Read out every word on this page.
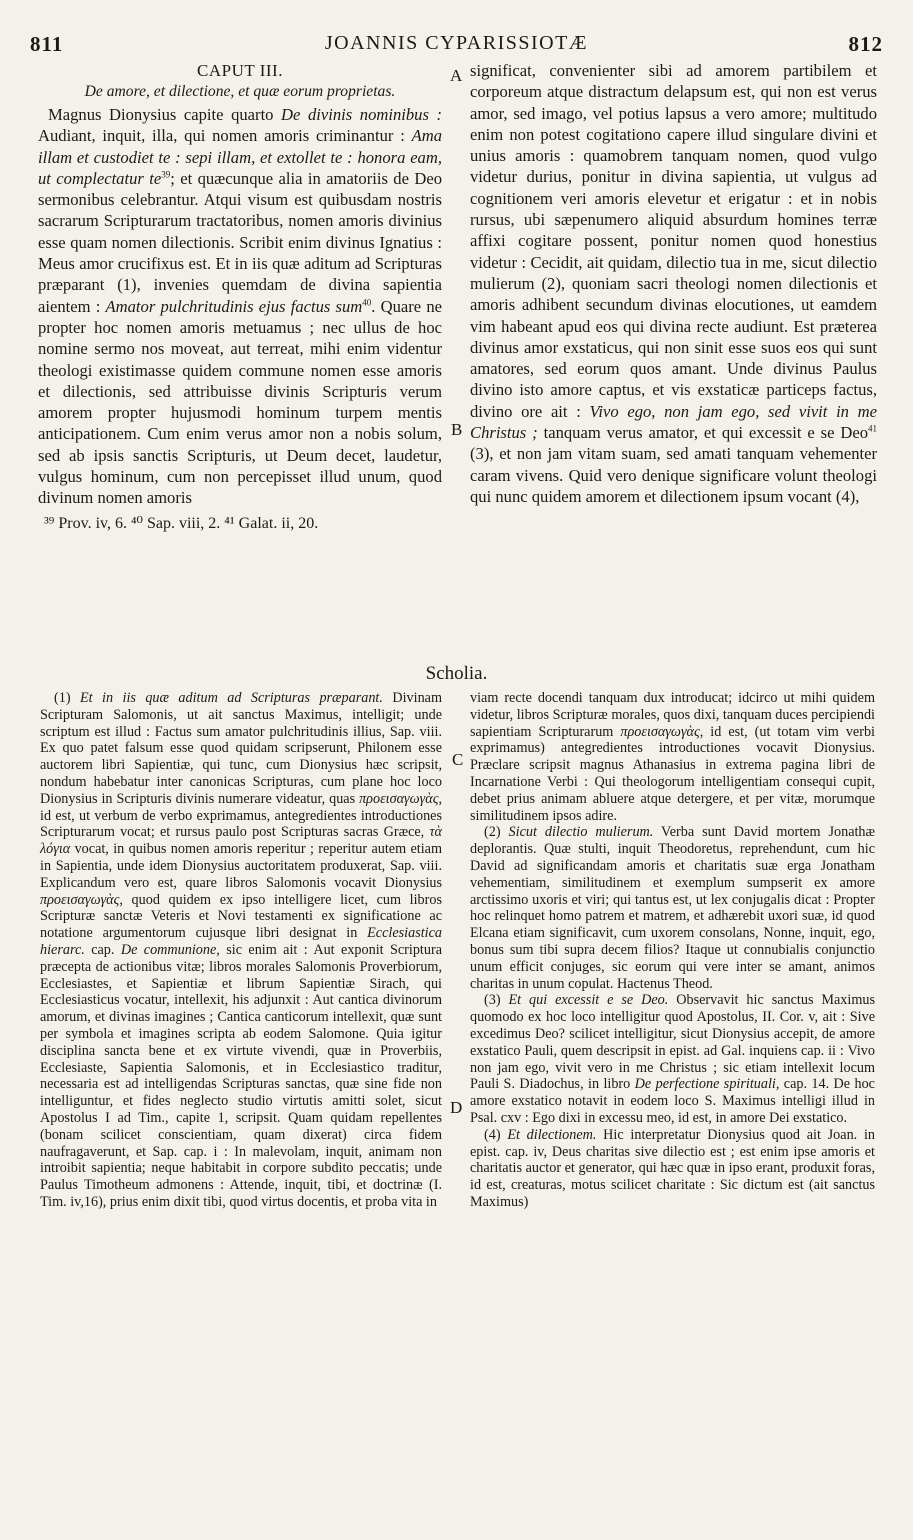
811	JOANNIS CYPARISSIOTÆ	812
A
B
C
D

CAPUT III.

De amore, et dilectione, et quæ eorum proprietas.

Magnus Dionysius capite quarto De divinis nominibus : Audiant, inquit, illa, qui nomen amoris criminantur : Ama illam et custodiet te : sepi illam, et extollet te : honora eam, ut complectatur $te^{39}$; et quæcunque alia in amatoriis de Deo sermonibus celebrantur. Atqui visum est quibusdam nostris sacrarum Scripturarum tractatoribus, nomen amoris divinius esse quam nomen dilectionis. Scribit enim divinus Ignatius : Meus amor crucifixus est. Et in iis quæ aditum ad Scripturas præparant (1), invenies quemdam de divina sapientia aientem : Amator pulchritudinis ejus factus sum$^{40}$. Quare ne propter hoc nomen amoris metuamus ; nec ullus de hoc nomine sermo nos moveat, aut terreat, mihi enim videntur theologi existimasse quidem commune nomen esse amoris et dilectionis, sed attribuisse divinis Scripturis verum amorem propter hujusmodi hominum turpem mentis anticipationem. Cum enim verus amor non a nobis solum, sed ab ipsis sanctis Scripturis, ut Deum decet, laudetur, vulgus hominum, cum non percepisset illud unum, quod divinum nomen amoris

³⁹ Prov. iv, 6. ⁴⁰ Sap. viii, 2. ⁴¹ Galat. ii, 20.

significat, convenienter sibi ad amorem partibilem et corporeum atque distractum delapsum est, qui non est verus amor, sed imago, vel potius lapsus a vero amore; multitudo enim non potest cogitationo capere illud singulare divini et unius amoris : quamobrem tanquam nomen, quod vulgo videtur durius, ponitur in divina sapientia, ut vulgus ad cognitionem veri amoris elevetur et erigatur : et in nobis rursus, ubi sæpenumero aliquid absurdum homines terræ affixi cogitare possent, ponitur nomen quod honestius videtur : Cecidit, ait quidam, dilectio tua in me, sicut dilectio mulierum (2), quoniam sacri theologi nomen dilectionis et amoris adhibent secundum divinas elocutiones, ut eamdem vim habeant apud eos qui divina recte audiunt. Est præterea divinus amor exstaticus, qui non sinit esse suos eos qui sunt amatores, sed eorum quos amant. Unde divinus Paulus divino isto amore captus, et vis exstaticæ particeps factus, divino ore ait : Vivo ego, non jam ego, sed vivit in me Christus ; tanquam verus amator, et qui excessit e se Deo$^{41}$ (3), et non jam vitam suam, sed amati tanquam vehementer caram vivens. Quid vero denique significare volunt theologi qui nunc quidem amorem et dilectionem ipsum vocant (4),

Scholia.

(1) Et in iis quæ aditum ad Scripturas præparant. Divinam Scripturam Salomonis, ut ait sanctus Maximus, intelligit; unde scriptum est illud : Factus sum amator pulchritudinis illius, Sap. viii. Ex quo patet falsum esse quod quidam scripserunt, Philonem esse auctorem libri Sapientiæ, qui tunc, cum Dionysius hæc scripsit, nondum habebatur inter canonicas Scripturas, cum plane hoc loco Dionysius in Scripturis divinis numerare videatur, quas προεισαγωγὰς, id est, ut verbum de verbo exprimamus, antegredientes introductiones Scripturarum vocat; et rursus paulo post Scripturas sacras Græce, τὰ λόγια vocat, in quibus nomen amoris reperitur ; reperitur autem etiam in Sapientia, unde idem Dionysius auctoritatem produxerat, Sap. viii. Explicandum vero est, quare libros Salomonis vocavit Dionysius προεισαγωγὰς, quod quidem ex ipso intelligere licet, cum libros Scripturæ sanctæ Veteris et Novi testamenti ex significatione ac notatione argumentorum cujusque libri designat in Ecclesiastica hierarc. cap. De communione, sic enim ait : Aut exponit Scriptura præcepta de actionibus vitæ; libros morales Salomonis Proverbiorum, Ecclesiastes, et Sapientiæ et librum Sapientiæ Sirach, qui Ecclesiasticus vocatur, intellexit, his adjunxit : Aut cantica divinorum amorum, et divinas imagines ; Cantica canticorum intellexit, quæ sunt per symbola et imagines scripta ab eodem Salomone. Quia igitur disciplina sancta bene et ex virtute vivendi, quæ in Proverbiis, Ecclesiaste, Sapientia Salomonis, et in Ecclesiastico traditur, necessaria est ad intelligendas Scripturas sanctas, quæ sine fide non intelliguntur, et fides neglecto studio virtutis amitti solet, sicut Apostolus I ad Tim., capite 1, scripsit. Quam quidam repellentes (bonam scilicet conscientiam, quam dixerat) circa fidem naufragaverunt, et Sap. cap. i : In malevolam, inquit, animam non introibit sapientia; neque habitabit in corpore subdito peccatis; unde Paulus Timotheum admonens : Attende, inquit, tibi, et doctrinæ (I. Tim. iv,16), prius enim dixit tibi, quod virtus docentis, et proba vita in

viam recte docendi tanquam dux introducat; idcirco ut mihi quidem videtur, libros Scripturæ morales, quos dixi, tanquam duces percipiendi sapientiam Scripturarum προεισαγωγὰς, id est, (ut totam vim verbi exprimamus) antegredientes introductiones vocavit Dionysius. Præclare scripsit magnus Athanasius in extrema pagina libri de Incarnatione Verbi : Qui theologorum intelligentiam consequi cupit, debet prius animam abluere atque detergere, et per vitæ, morumque similitudinem ipsos adire.

(2) Sicut dilectio mulierum. Verba sunt David mortem Jonathæ deplorantis. Quæ stulti, inquit Theodoretus, reprehendunt, cum hic David ad significandam amoris et charitatis suæ erga Jonatham vehementiam, similitudinem et exemplum sumpserit ex amore arctissimo uxoris et viri; qui tantus est, ut lex conjugalis dicat : Propter hoc relinquet homo patrem et matrem, et adhærebit uxori suæ, id quod Elcana etiam significavit, cum uxorem consolans, Nonne, inquit, ego, bonus sum tibi supra decem filios? Itaque ut connubialis conjunctio unum efficit conjuges, sic eorum qui vere inter se amant, animos charitas in unum copulat. Hactenus Theod.

(3) Et qui excessit e se Deo. Observavit hic sanctus Maximus quomodo ex hoc loco intelligitur quod Apostolus, II. Cor. v, ait : Sive excedimus Deo? scilicet intelligitur, sicut Dionysius accepit, de amore exstatico Pauli, quem descripsit in epist. ad Gal. inquiens cap. ii : Vivo non jam ego, vivit vero in me Christus ; sic etiam intellexit locum Pauli S. Diadochus, in libro De perfectione spirituali, cap. 14. De hoc amore exstatico notavit in eodem loco S. Maximus intelligi illud in Psal. cxv : Ego dixi in excessu meo, id est, in amore Dei exstatico.

(4) Et dilectionem. Hic interpretatur Dionysius quod ait Joan. in epist. cap. iv, Deus charitas sive dilectio est ; est enim ipse amoris et charitatis auctor et generator, qui hæc quæ in ipso erant, produxit foras, id est, creaturas, motus scilicet charitate : Sic dictum est (ait sanctus Maximus)
